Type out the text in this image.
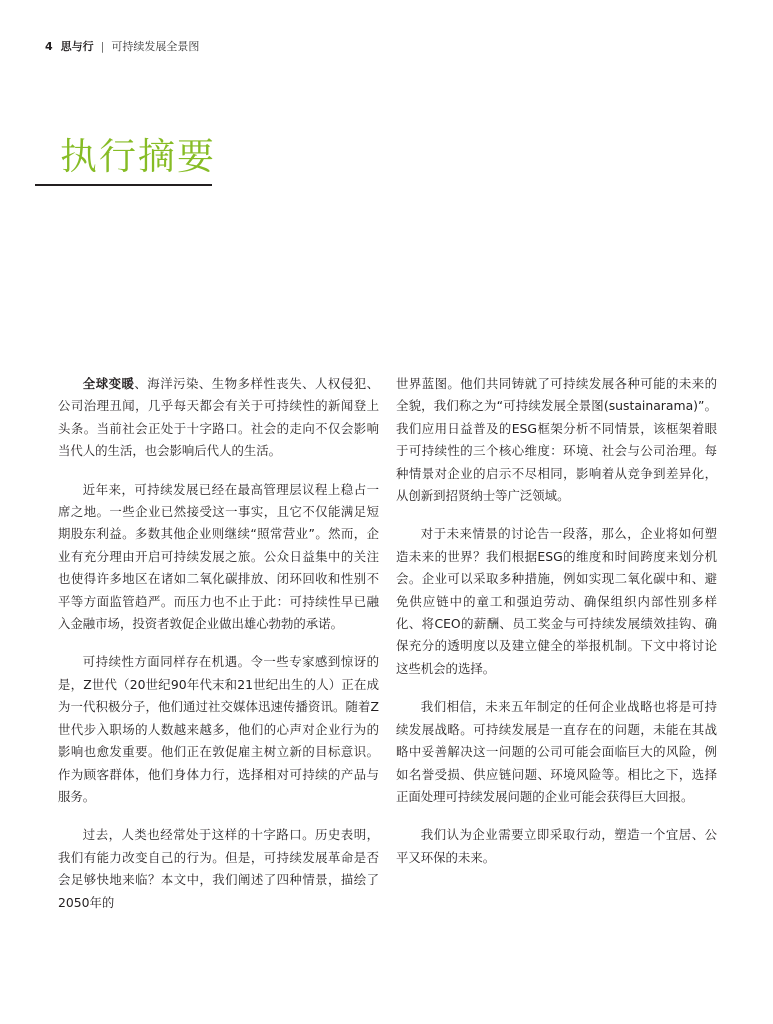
4 思与行 | 可持续发展全景图
执行摘要

全球变暖、海洋污染、生物多样性丧失、人权侵犯、公司治理丑闻，几乎每天都会有关于可持续性的新闻登上头条。当前社会正处于十字路口。社会的走向不仅会影响当代人的生活，也会影响后代人的生活。

近年来，可持续发展已经在最高管理层议程上稳占一席之地。一些企业已然接受这一事实，且它不仅能满足短期股东利益。多数其他企业则继续“照常营业”。然而，企业有充分理由开启可持续发展之旅。公众日益集中的关注也使得许多地区在诸如二氧化碳排放、闭环回收和性别不平等方面监管趋严。而压力也不止于此：可持续性早已融入金融市场，投资者敦促企业做出雄心勃勃的承诺。

可持续性方面同样存在机遇。令一些专家感到惊讶的是，Z世代（20世纪90年代末和21世纪出生的人）正在成为一代积极分子，他们通过社交媒体迅速传播资讯。随着Z世代步入职场的人数越来越多，他们的心声对企业行为的影响也愈发重要。他们正在敦促雇主树立新的目标意识。作为顾客群体，他们身体力行，选择相对可持续的产品与服务。

过去，人类也经常处于这样的十字路口。历史表明，我们有能力改变自己的行为。但是，可持续发展革命是否会足够快地来临？本文中，我们阐述了四种情景，描绘了2050年的

世界蓝图。他们共同铸就了可持续发展各种可能的未来的全貌，我们称之为“可持续发展全景图(sustainarama)”。我们应用日益普及的ESG框架分析不同情景，该框架着眼于可持续性的三个核心维度：环境、社会与公司治理。每种情景对企业的启示不尽相同，影响着从竞争到差异化，从创新到招贤纳士等广泛领域。

对于未来情景的讨论告一段落，那么，企业将如何塑造未来的世界？我们根据ESG的维度和时间跨度来划分机会。企业可以采取多种措施，例如实现二氧化碳中和、避免供应链中的童工和强迫劳动、确保组织内部性别多样化、将CEO的薪酬、员工奖金与可持续发展绩效挂钩、确保充分的透明度以及建立健全的举报机制。下文中将讨论这些机会的选择。

我们相信，未来五年制定的任何企业战略也将是可持续发展战略。可持续发展是一直存在的问题，未能在其战略中妥善解决这一问题的公司可能会面临巨大的风险，例如名誉受损、供应链问题、环境风险等。相比之下，选择正面处理可持续发展问题的企业可能会获得巨大回报。

我们认为企业需要立即采取行动，塑造一个宜居、公平又环保的未来。
